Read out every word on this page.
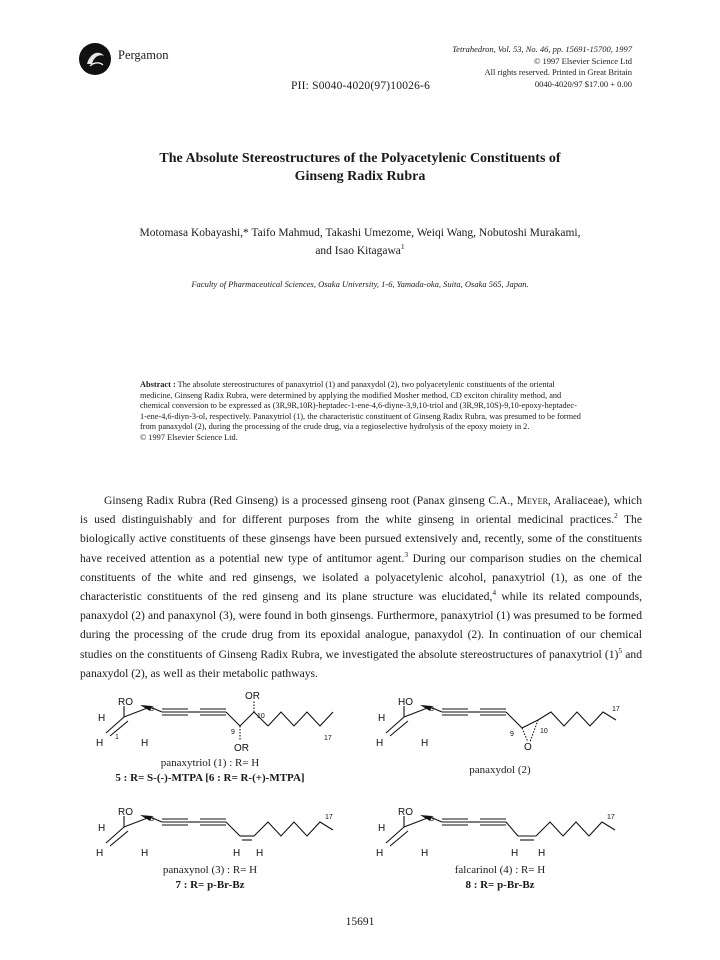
Pergamon	Tetrahedron, Vol. 53, No. 46, pp. 15691-15700, 1997
© 1997 Elsevier Science Ltd
All rights reserved. Printed in Great Britain
0040-4020/97 $17.00 + 0.00
PII: S0040-4020(97)10026-6
The Absolute Stereostructures of the Polyacetylenic Constituents of
Ginseng Radix Rubra
Motomasa Kobayashi,* Taifo Mahmud, Takashi Umezome, Weiqi Wang, Nobutoshi Murakami,
and Isao Kitagawa$^1$
Faculty of Pharmaceutical Sciences, Osaka University, 1-6, Yamada-oka, Suita, Osaka 565, Japan.
Abstract : The absolute stereostructures of panaxytriol (1) and panaxydol (2), two polyacetylenic constituents of the oriental medicine, Ginseng Radix Rubra, were determined by applying the modified Mosher method, CD exciton chirality method, and chemical conversion to be expressed as (3R,9R,10R)-heptadec-1-ene-4,6-diyne-3,9,10-triol and (3R,9R,10S)-9,10-epoxy-heptadec-1-ene-4,6-diyn-3-ol, respectively. Panaxytriol (1), the characteristic constituent of Ginseng Radix Rubra, was presumed to be formed from panaxydol (2), during the processing of the crude drug, via a regioselective hydrolysis of the epoxy moiety in 2.
© 1997 Elsevier Science Ltd.
Ginseng Radix Rubra (Red Ginseng) is a processed ginseng root (Panax ginseng C.A., Meyer, Araliaceae), which is used distinguishably and for different purposes from the white ginseng in oriental medicinal practices.$^2$ The biologically active constituents of these ginsengs have been pursued extensively and, recently, some of the constituents have received attention as a potential new type of antitumor agent.$^3$ During our comparison studies on the chemical constituents of the white and red ginsengs, we isolated a polyacetylenic alcohol, panaxytriol (1), as one of the characteristic constituents of the red ginseng and its plane structure was elucidated,$^4$ while its related compounds, panaxydol (2) and panaxynol (3), were found in both ginsengs. Furthermore, panaxytriol (1) was presumed to be formed during the processing of the crude drug from its epoxidal analogue, panaxydol (2). In continuation of our chemical studies on the constituents of Ginseng Radix Rubra, we investigated the absolute stereostructures of panaxytriol $(1)^5$ and panaxydol (2), as well as their metabolic pathways.
RO
OR
OR
H
H	H
1
3
9
10
17
HO
O
H
H	H
3
9	10
17
RO
H
H	H	H H
3	17	RO
H
H	H	H H
3	17
panaxytriol (1) : R= H
5 : R= S-(-)-MTPA [6 : R= R-(+)-MTPA]
panaxydol (2)
panaxynol (3) : R= H
7 : R= p-Br-Bz
falcarinol (4) : R= H
8 : R= p-Br-Bz
15691
